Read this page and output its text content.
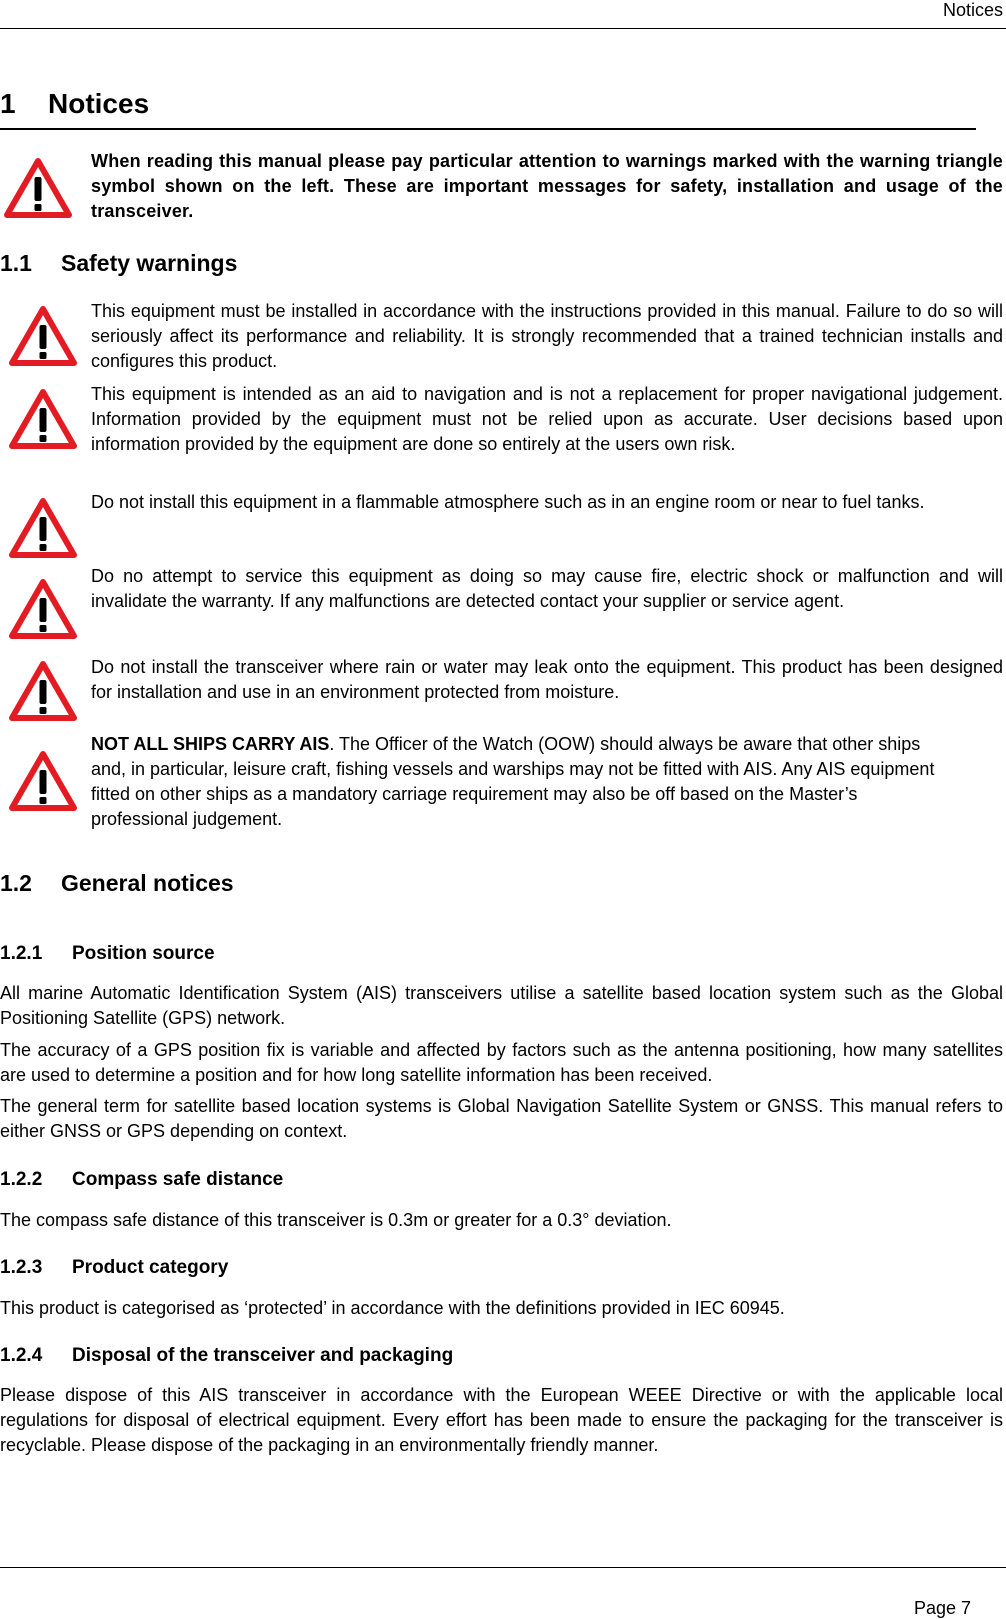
Notices
1 Notices
When reading this manual please pay particular attention to warnings marked with the warning triangle symbol shown on the left. These are important messages for safety, installation and usage of the transceiver.
1.1 Safety warnings
This equipment must be installed in accordance with the instructions provided in this manual. Failure to do so will seriously affect its performance and reliability. It is strongly recommended that a trained technician installs and configures this product.
This equipment is intended as an aid to navigation and is not a replacement for proper navigational judgement. Information provided by the equipment must not be relied upon as accurate. User decisions based upon information provided by the equipment are done so entirely at the users own risk.
Do not install this equipment in a flammable atmosphere such as in an engine room or near to fuel tanks.
Do no attempt to service this equipment as doing so may cause fire, electric shock or malfunction and will invalidate the warranty. If any malfunctions are detected contact your supplier or service agent.
Do not install the transceiver where rain or water may leak onto the equipment. This product has been designed for installation and use in an environment protected from moisture.
NOT ALL SHIPS CARRY AIS. The Officer of the Watch (OOW) should always be aware that other ships and, in particular, leisure craft, fishing vessels and warships may not be fitted with AIS. Any AIS equipment fitted on other ships as a mandatory carriage requirement may also be off based on the Master’s professional judgement.
1.2 General notices
1.2.1 Position source
All marine Automatic Identification System (AIS) transceivers utilise a satellite based location system such as the Global Positioning Satellite (GPS) network.
The accuracy of a GPS position fix is variable and affected by factors such as the antenna positioning, how many satellites are used to determine a position and for how long satellite information has been received.
The general term for satellite based location systems is Global Navigation Satellite System or GNSS. This manual refers to either GNSS or GPS depending on context.
1.2.2 Compass safe distance
The compass safe distance of this transceiver is 0.3m or greater for a 0.3° deviation.
1.2.3 Product category
This product is categorised as ‘protected’ in accordance with the definitions provided in IEC 60945.
1.2.4 Disposal of the transceiver and packaging
Please dispose of this AIS transceiver in accordance with the European WEEE Directive or with the applicable local regulations for disposal of electrical equipment. Every effort has been made to ensure the packaging for the transceiver is recyclable. Please dispose of the packaging in an environmentally friendly manner.
Page 7
